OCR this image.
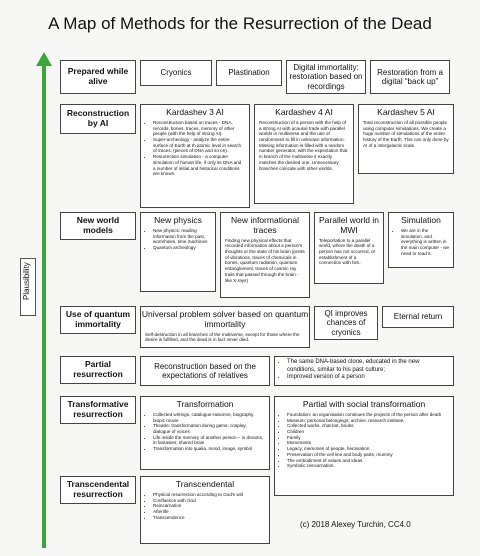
A Map of Methods for the Resurrection of the Dead
Plausibility
Prepared while alive
Cryonics	Plastination
Digital immortality: restoration based on recordings
Restoration from a digital “back up”
Reconstruction by AI
Kardashev 3 AI
• Reconstruction based on traces - DNA, records, bones, traces, memory of other people (with the help of strong AI).
• Super-archeology - analyze the entire surface of Earth at th atomic level in search of traces, (pieces of DNA and so on).
• Resurrection simulation - a computer simulation of human life, if only its DNA and a number of initial and historical conditions are known.
Kardashev 4 AI
Reconstruction of a person with the help of a strong AI with acausal trade with parallel worlds in multiverse and the use of randomness to fill in unknown information. Missing information is filled with a random number generator, with the expectation that in branch of the multiverse it exactly matches the desired one. Unnecessary branches coincide with other worlds.
Kardashev 5 AI
Total reconstruction of all possible people using computer simulations. We create a huge number of simulations of the entire history of the Earth. This can only done by AI of a intergalactic scale.
New world models
New physics
• New physics: reading information from the past, wormholes, time machines
• Quantum archeology
New informational traces
Finding new physical effects that recorded information about a person's thoughts or the state of his brain (prints of vibrations, traces of chemicals in bones, quantum radiation, quantum entanglement, traces of cosmic ray trails that passed through the brain - like X-rays)
Parallel world in MWI
Teleportation to a parallel world, where the death of a person has not occurred, or establishment of a connection with him.
Simulation
• We are in the simulation, and everything is written in the main computer - we need to read it.
Use of quantum immortality
Universal problem solver based on quantum immortality
Self-destruction in all branches of the multiverse, except for those where the desire is fulfilled, and the dead is in fact never died.
QI improves chances of cryonics
Eternal return
Partial resurrection
Reconstruction based on the expectations of relatives
• The same DNA-based clone, educated in the new conditions, similar to his past culture;
• Improved version of a person
Transformative resurrection
Transformation
• Collected writings, catalogue-raisonne, biography, biopic movie
• Theatre: transformation during game: cosplay, dialogue of voices
• Life inside the memory of another person – in dreams, in fantasies; shared brain
• Transformation into qualia, mood, image, symbol
Partial with social transformation
• Foundation: an organisation continues the projects of the person after death
• Museum: personal belongings, archive, research institute,
• Collected works, chat-bot, books
• Children
• Family
• Monuments
• Legacy, memories of people, heroisation
• Preservation of the cell line and body parts; mummy
• The embodiment of values and ideas
• Symbolic reincarnation.
Transcendental resurrection
Transcendental
• Physical resurrection according to God's will
• Confluence with God
• Reincarnation
• Afterlife
• Transcendence
(c) 2018 Alexey Turchin, CC4.0
